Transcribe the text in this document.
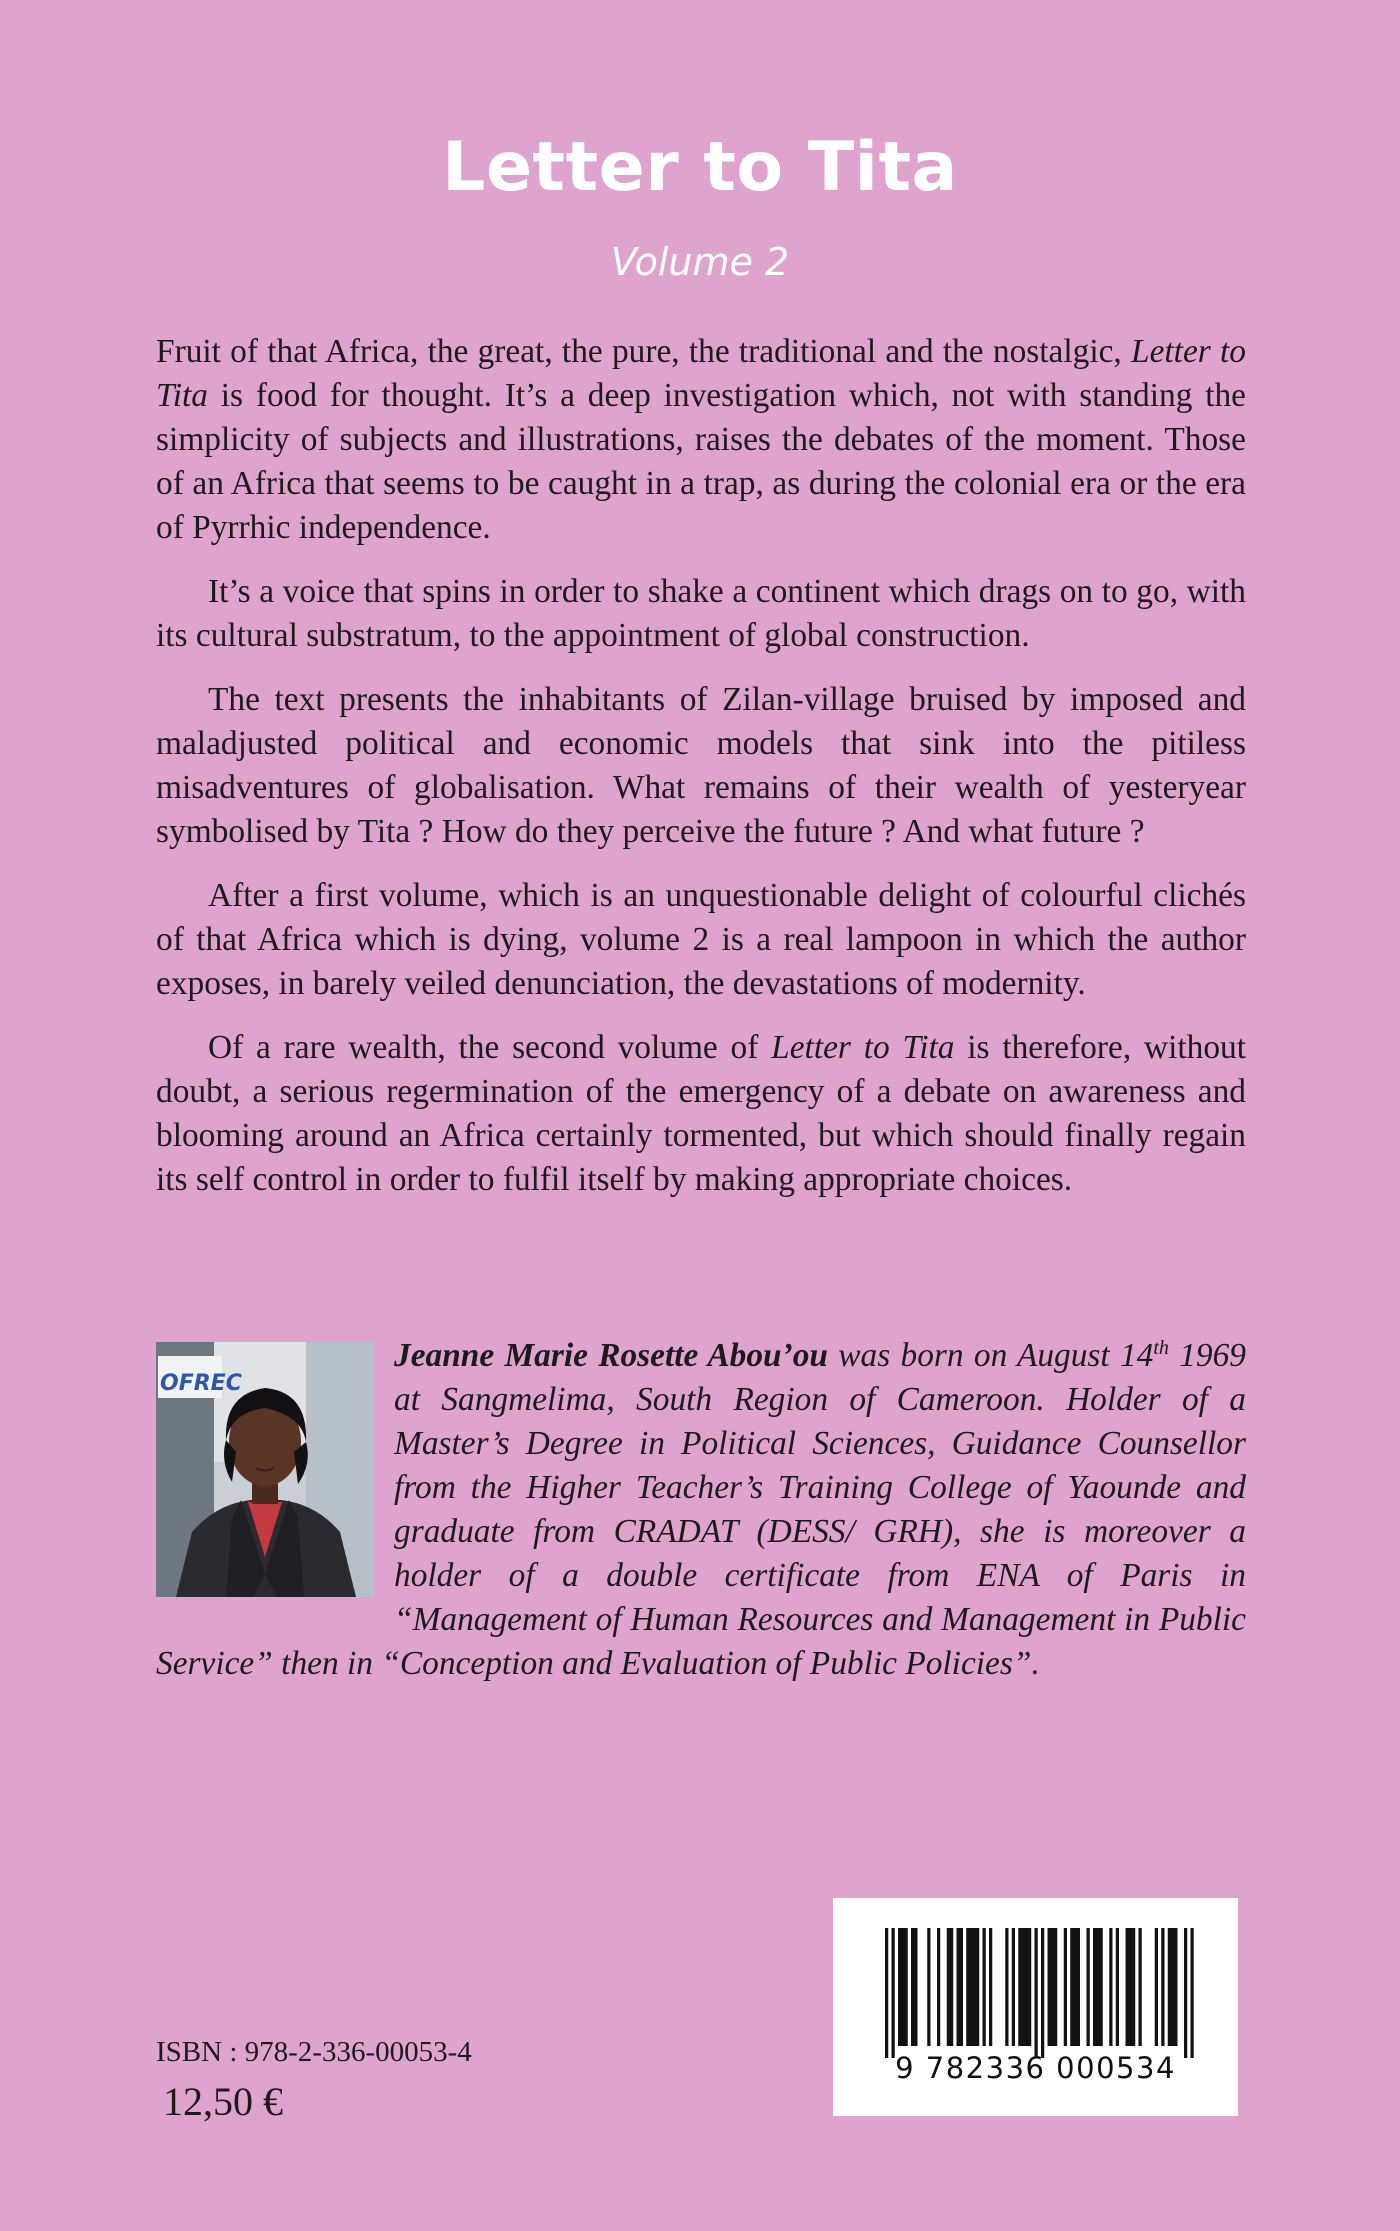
Letter to Tita
Volume 2

Fruit of that Africa, the great, the pure, the traditional and the nostalgic, Letter to Tita is food for thought. It’s a deep investigation which, not with standing the simplicity of subjects and illustrations, raises the debates of the moment. Those of an Africa that seems to be caught in a trap, as during the colonial era or the era of Pyrrhic independence.

It’s a voice that spins in order to shake a continent which drags on to go, with its cultural substratum, to the appointment of global construction.

The text presents the inhabitants of Zilan-village bruised by imposed and maladjusted political and economic models that sink into the pitiless misadventures of globalisation. What remains of their wealth of yesteryear symbolised by Tita ? How do they perceive the future ? And what future ?

After a first volume, which is an unquestionable delight of colourful clichés of that Africa which is dying, volume 2 is a real lampoon in which the author exposes, in barely veiled denunciation, the devastations of modernity.

Of a rare wealth, the second volume of Letter to Tita is therefore, without doubt, a serious regermination of the emergency of a debate on awareness and blooming around an Africa certainly tormented, but which should finally regain its self control in order to fulfil itself by making appropriate choices.

OFREC
Jeanne Marie Rosette Abou’ou was born on August 14th 1969 at Sangmelima, South Region of Cameroon. Holder of a Master’s Degree in Political Sciences, Guidance Counsellor from the Higher Teacher’s Training College of Yaounde and graduate from CRADAT (DESS/ GRH), she is moreover a holder of a double certificate from ENA of Paris in “Management of Human Resources and Management in Public Service” then in “Conception and Evaluation of Public Policies”.
ISBN : 978-2-336-00053-4
12,50 €
9 782336 000534
